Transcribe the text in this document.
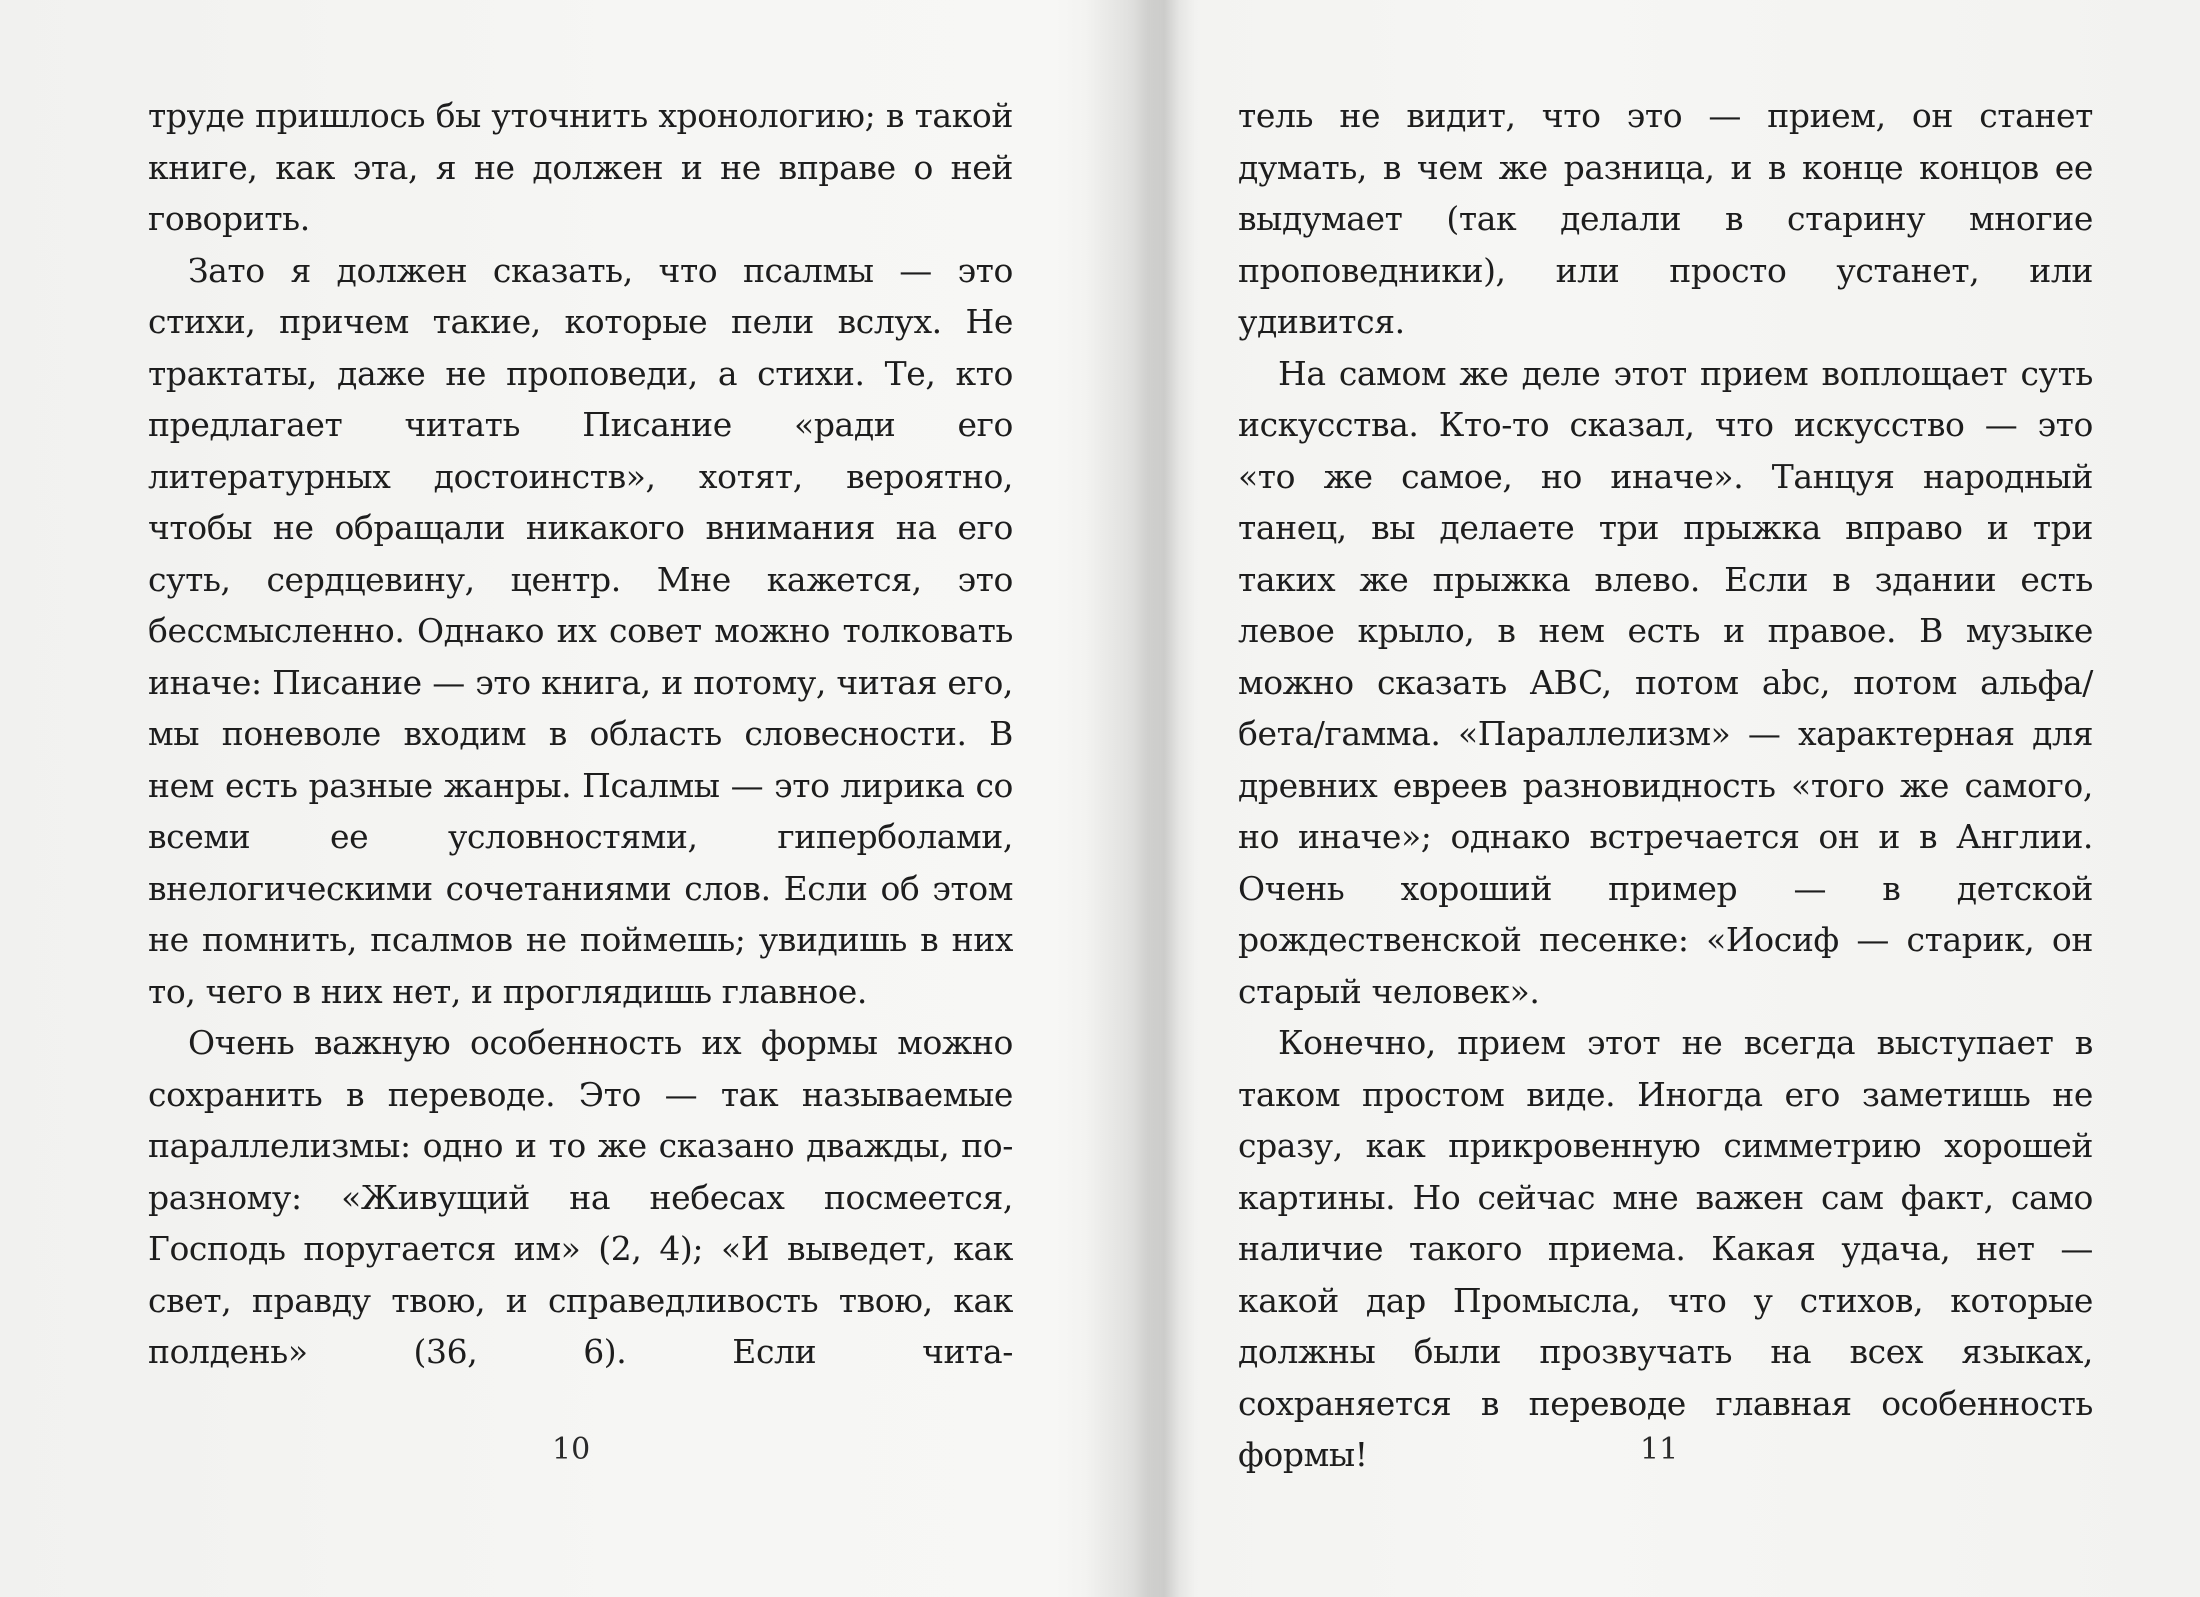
труде пришлось бы уточнить хронологию; в такой книге, как эта, я не должен и не вправе о ней говорить.

Зато я должен сказать, что псалмы — это стихи, причем такие, которые пели вслух. Не трактаты, даже не проповеди, а стихи. Те, кто предлагает читать Писание «ради его литературных достоинств», хотят, вероятно, чтобы не обращали никакого внимания на его суть, сердцевину, центр. Мне кажется, это бессмысленно. Однако их совет можно толковать иначе: Писание — это книга, и потому, читая его, мы поневоле входим в область словесности. В нем есть разные жанры. Псалмы — это лирика со всеми ее условностями, гиперболами, внелогическими сочетаниями слов. Если об этом не помнить, псалмов не поймешь; увидишь в них то, чего в них нет, и проглядишь главное.

Очень важную особенность их формы можно сохранить в переводе. Это — так называемые параллелизмы: одно и то же сказано дважды, по-разному: «Живущий на небесах посмеется, Господь поругается им» (2, 4); «И выведет, как свет, правду твою, и справедливость твою, как полдень» (36, 6). Если чита-

10

тель не видит, что это — прием, он станет думать, в чем же разница, и в конце концов ее выдумает (так делали в старину многие проповедники), или просто устанет, или удивится.

На самом же деле этот прием воплощает суть искусства. Кто-то сказал, что искусство — это «то же самое, но иначе». Танцуя народный танец, вы делаете три прыжка вправо и три таких же прыжка влево. Если в здании есть левое крыло, в нем есть и правое. В музыке можно сказать ABC, потом abc, потом альфа/бета/гамма. «Параллелизм» — характерная для древних евреев разновидность «того же самого, но иначе»; однако встречается он и в Англии. Очень хороший пример — в детской рождественской песенке: «Иосиф — старик, он старый человек».

Конечно, прием этот не всегда выступает в таком простом виде. Иногда его заметишь не сразу, как прикровенную симметрию хорошей картины. Но сейчас мне важен сам факт, само наличие такого приема. Какая удача, нет — какой дар Промысла, что у стихов, которые должны были прозвучать на всех языках, сохраняется в переводе главная особенность формы!	11
